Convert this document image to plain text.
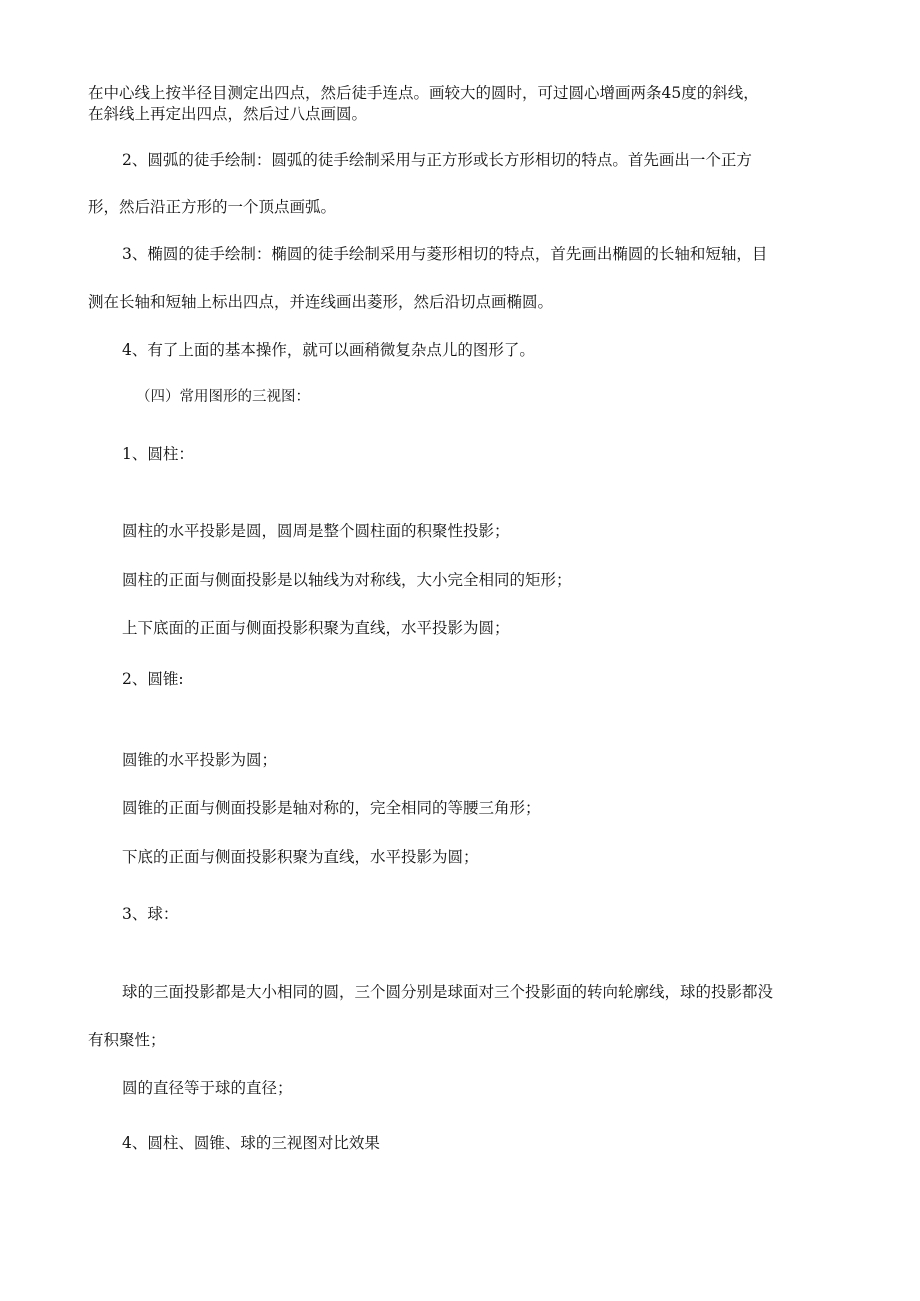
在中心线上按半径目测定出四点，然后徒手连点。画较大的圆时，可过圆心增画两条45度的斜线，
在斜线上再定出四点，然后过八点画圆。
2、圆弧的徒手绘制：圆弧的徒手绘制采用与正方形或长方形相切的特点。首先画出一个正方
形，然后沿正方形的一个顶点画弧。
3、椭圆的徒手绘制：椭圆的徒手绘制采用与菱形相切的特点，首先画出椭圆的长轴和短轴，目
测在长轴和短轴上标出四点，并连线画出菱形，然后沿切点画椭圆。
4、有了上面的基本操作，就可以画稍微复杂点儿的图形了。
（四）常用图形的三视图：
1、圆柱：
圆柱的水平投影是圆，圆周是整个圆柱面的积聚性投影；
圆柱的正面与侧面投影是以轴线为对称线，大小完全相同的矩形；
上下底面的正面与侧面投影积聚为直线，水平投影为圆；
2、圆锥:
圆锥的水平投影为圆；
圆锥的正面与侧面投影是轴对称的，完全相同的等腰三角形；
下底的正面与侧面投影积聚为直线，水平投影为圆；
3、球：
球的三面投影都是大小相同的圆，三个圆分别是球面对三个投影面的转向轮廓线，球的投影都没
有积聚性；
圆的直径等于球的直径；
4、圆柱、圆锥、球的三视图对比效果
